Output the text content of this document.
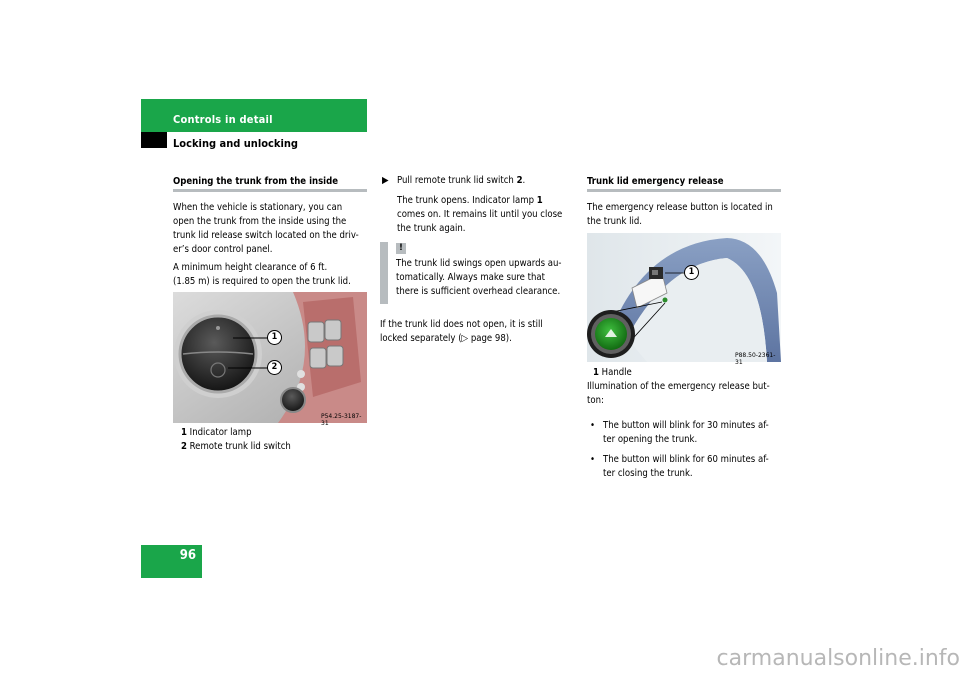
Controls in detail
Locking and unlocking
Opening the trunk from the inside
When the vehicle is stationary, you can
open the trunk from the inside using the
trunk lid release switch located on the driv-
er’s door control panel.
A minimum height clearance of 6 ft.
(1.85 m) is required to open the trunk lid.
1
2
P54.25-3187-31
1 Indicator lamp
2 Remote trunk lid switch
▶ Pull remote trunk lid switch 2.
The trunk opens. Indicator lamp 1
comes on. It remains lit until you close
the trunk again.
!
The trunk lid swings open upwards au-
tomatically. Always make sure that
there is sufficient overhead clearance.
If the trunk lid does not open, it is still
locked separately (▷ page 98).
Trunk lid emergency release
The emergency release button is located in
the trunk lid.
1
P88.50-2361-31
1 Handle
Illumination of the emergency release but-
ton:
• The button will blink for 30 minutes af-
ter opening the trunk.
• The button will blink for 60 minutes af-
ter closing the trunk.
96
carmanualsonline.info
